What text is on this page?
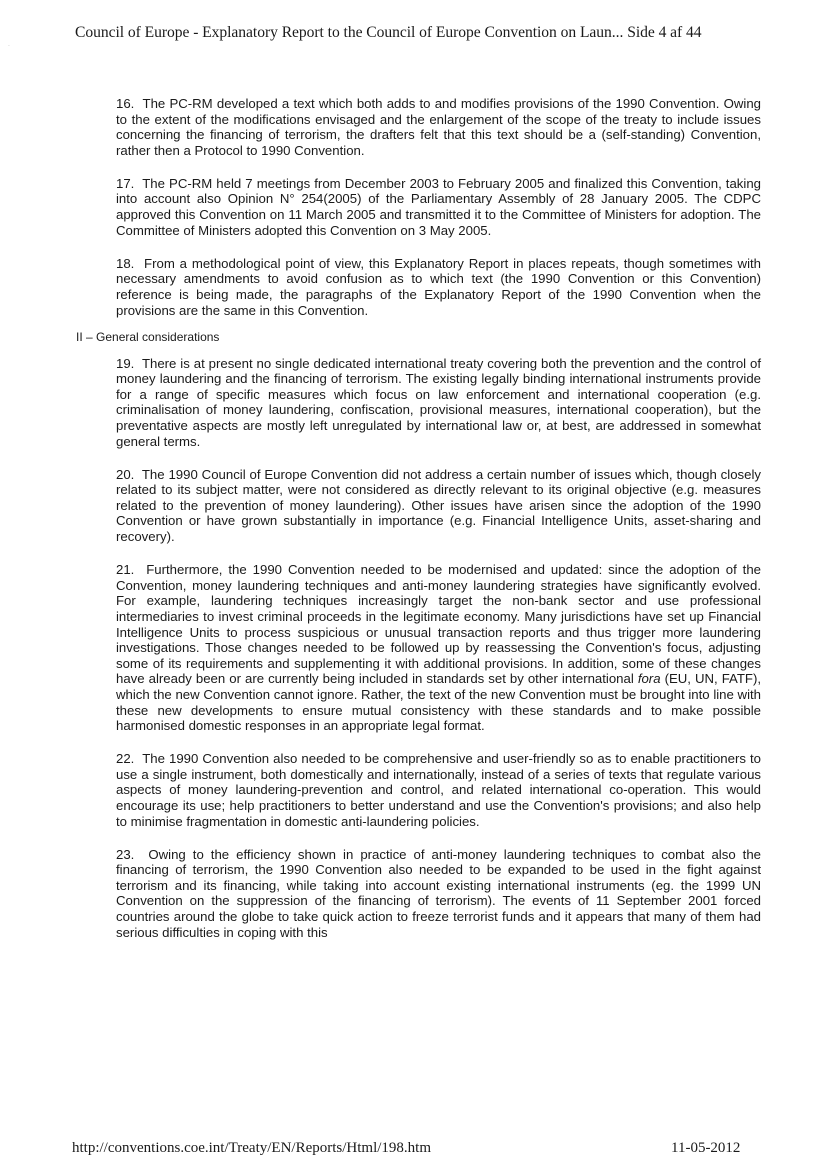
Council of Europe - Explanatory Report to the Council of Europe Convention on Laun... Side 4 af 44
·

16. The PC-RM developed a text which both adds to and modifies provisions of the 1990 Convention. Owing to the extent of the modifications envisaged and the enlargement of the scope of the treaty to include issues concerning the financing of terrorism, the drafters felt that this text should be a (self-standing) Convention, rather then a Protocol to 1990 Convention.

17. The PC-RM held 7 meetings from December 2003 to February 2005 and finalized this Convention, taking into account also Opinion N° 254(2005) of the Parliamentary Assembly of 28 January 2005. The CDPC approved this Convention on 11 March 2005 and transmitted it to the Committee of Ministers for adoption. The Committee of Ministers adopted this Convention on 3 May 2005.

18. From a methodological point of view, this Explanatory Report in places repeats, though sometimes with necessary amendments to avoid confusion as to which text (the 1990 Convention or this Convention) reference is being made, the paragraphs of the Explanatory Report of the 1990 Convention when the provisions are the same in this Convention.

II – General considerations

19. There is at present no single dedicated international treaty covering both the prevention and the control of money laundering and the financing of terrorism. The existing legally binding international instruments provide for a range of specific measures which focus on law enforcement and international cooperation (e.g. criminalisation of money laundering, confiscation, provisional measures, international cooperation), but the preventative aspects are mostly left unregulated by international law or, at best, are addressed in somewhat general terms.

20. The 1990 Council of Europe Convention did not address a certain number of issues which, though closely related to its subject matter, were not considered as directly relevant to its original objective (e.g. measures related to the prevention of money laundering). Other issues have arisen since the adoption of the 1990 Convention or have grown substantially in importance (e.g. Financial Intelligence Units, asset-sharing and recovery).

21. Furthermore, the 1990 Convention needed to be modernised and updated: since the adoption of the Convention, money laundering techniques and anti-money laundering strategies have significantly evolved. For example, laundering techniques increasingly target the non-bank sector and use professional intermediaries to invest criminal proceeds in the legitimate economy. Many jurisdictions have set up Financial Intelligence Units to process suspicious or unusual transaction reports and thus trigger more laundering investigations. Those changes needed to be followed up by reassessing the Convention's focus, adjusting some of its requirements and supplementing it with additional provisions. In addition, some of these changes have already been or are currently being included in standards set by other international fora (EU, UN, FATF), which the new Convention cannot ignore. Rather, the text of the new Convention must be brought into line with these new developments to ensure mutual consistency with these standards and to make possible harmonised domestic responses in an appropriate legal format.

22. The 1990 Convention also needed to be comprehensive and user-friendly so as to enable practitioners to use a single instrument, both domestically and internationally, instead of a series of texts that regulate various aspects of money laundering-prevention and control, and related international co-operation. This would encourage its use; help practitioners to better understand and use the Convention's provisions; and also help to minimise fragmentation in domestic anti-laundering policies.

23. Owing to the efficiency shown in practice of anti-money laundering techniques to combat also the financing of terrorism, the 1990 Convention also needed to be expanded to be used in the fight against terrorism and its financing, while taking into account existing international instruments (eg. the 1999 UN Convention on the suppression of the financing of terrorism). The events of 11 September 2001 forced countries around the globe to take quick action to freeze terrorist funds and it appears that many of them had serious difficulties in coping with this

http://conventions.coe.int/Treaty/EN/Reports/Html/198.htm	11-05-2012
